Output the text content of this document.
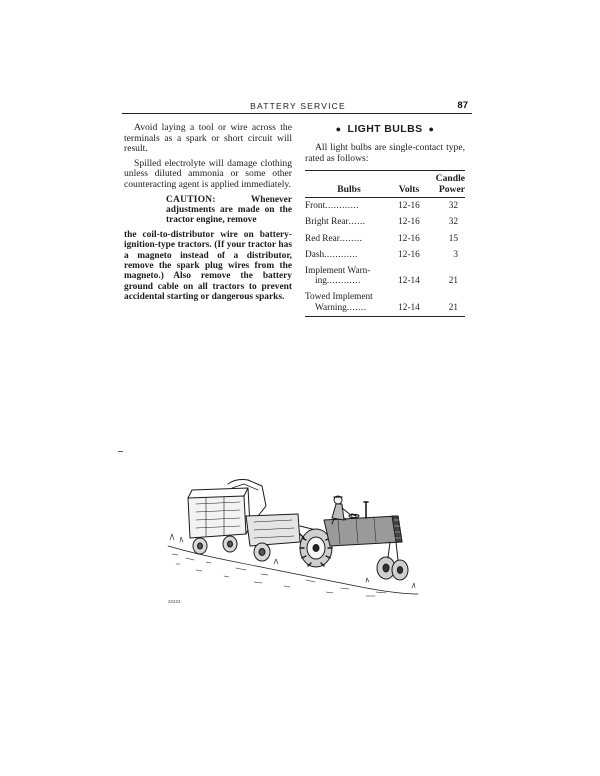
BATTERY SERVICE	87

Avoid laying a tool or wire across the terminals as a spark or short circuit will result.

Spilled electrolyte will damage clothing unless diluted ammonia or some other counteracting agent is applied immediately.

CAUTION:	Whenever adjustments are made on the tractor engine, remove

the coil-to-distributor wire on battery-ignition-type tractors. (If your tractor has a magneto instead of a distributor, remove the spark plug wires from the magneto.) Also remove the battery ground cable on all tractors to prevent accidental starting or dangerous sparks.

● LIGHT BULBS ●

All light bulbs are single-contact type, rated as follows:

Bulbs	Volts	Candle
Power
Front............	12-16	32
Bright Rear......	12-16	32
Red Rear........	12-16	15
Dash............	12-16	3
Implement Warn-
ing............	12-14	21
Towed Implement
Warning.......	12-14	21
22424
